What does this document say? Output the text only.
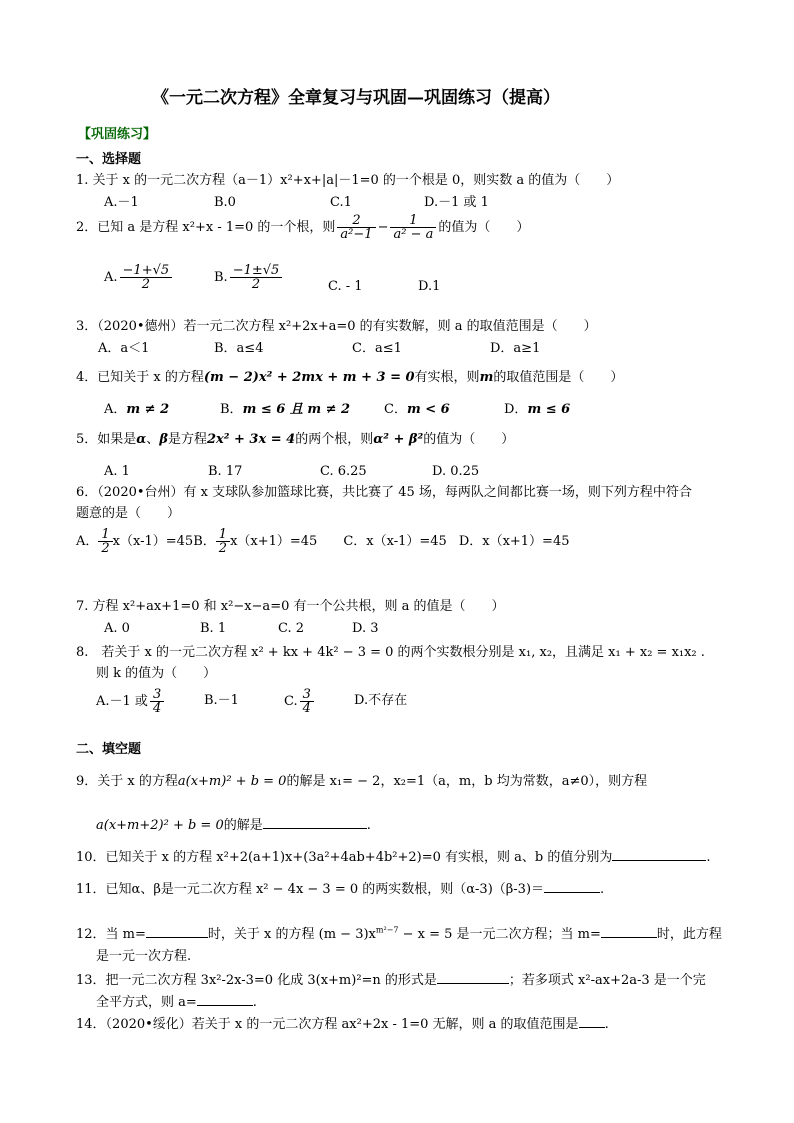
《一元二次方程》全章复习与巩固—巩固练习（提高）
【巩固练习】
一、选择题
1. 关于 x 的一元二次方程（a－1）x²+x+|a|－1=0 的一个根是 0，则实数 a 的值为（　　）
A.－1	B.0	C.1	D.－1 或 1
2．已知 a 是方程 x²+x - 1=0 的一个根，则 $\frac{2}{\text{a²−1}} - \frac{1}{\text{a² − a}}$ 的值为（　　）
A. $\frac{-1+√5}{2}$	B. $\frac{-1\pm√5}{2}$	C. - 1	D.1
3．（2020•德州）若一元二次方程 x²+2x+a=0 的有实数解，则 a 的取值范围是（　　）
A．a＜1	B．a≤4	C．a≤1	D．a≥1
4．已知关于 x 的方程(m − 2)x² + 2mx + m + 3 = 0有实根，则m的取值范围是（　　）
A．m ≠ 2	B．m ≤ 6 且 m ≠ 2	C．m < 6	D．m ≤ 6
5．如果是α、β是方程2x² + 3x = 4的两个根，则α² + β²的值为（　　）
A. 1	B. 17	C. 6.25	D. 0.25
6．（2020•台州）有 x 支球队参加篮球比赛，共比赛了 45 场，每两队之间都比赛一场，则下列方程中符合
题意的是（　　）
A． $\frac{1}{2} x(x-1)=45$ B． $\frac{1}{2} x(x+1)=45$ C．x（x-1）=45 D．x（x+1）=45
7. 方程 x²+ax+1=0 和 x²−x−a=0 有一个公共根，则 a 的值是（　　）
A. 0	B. 1	C. 2	D. 3
8.　若关于 x 的一元二次方程 x² + kx + 4k² − 3 = 0 的两个实数根分别是 x₁, x₂，且满足 x₁ + x₂ = x₁x₂ .
则 k 的值为（　　）
A.－1 或 $\frac{3}{4}$	B.－1	C. $\frac{3}{4}$	D.不存在
二、填空题
9．关于 x 的方程a(x+m)² + b = 0的解是 x₁= − 2，x₂=1（a，m，b 均为常数，a≠0），则方程
a(x+m+2)² + b = 0的解是	.
10．已知关于 x 的方程 x²+2(a+1)x+(3a²+4ab+4b²+2)=0 有实根，则 a、b 的值分别为	.
11．已知α、β是一元二次方程 x² − 4x − 3 = 0 的两实数根，则（α-3)（β-3)＝	.
12．当 m=	时，关于 x 的方程 $(m - 3)x^{m^2-7} - x = 5$ 是一元二次方程；当 m=	时，此方程
是一元一次方程.
13．把一元二次方程 3x²-2x-3=0 化成 3(x+m)²=n 的形式是	；若多项式 x²-ax+2a-3 是一个完
全平方式，则 a=	.
14．（2020•绥化）若关于 x 的一元二次方程 ax²+2x - 1=0 无解，则 a 的取值范围是 .
